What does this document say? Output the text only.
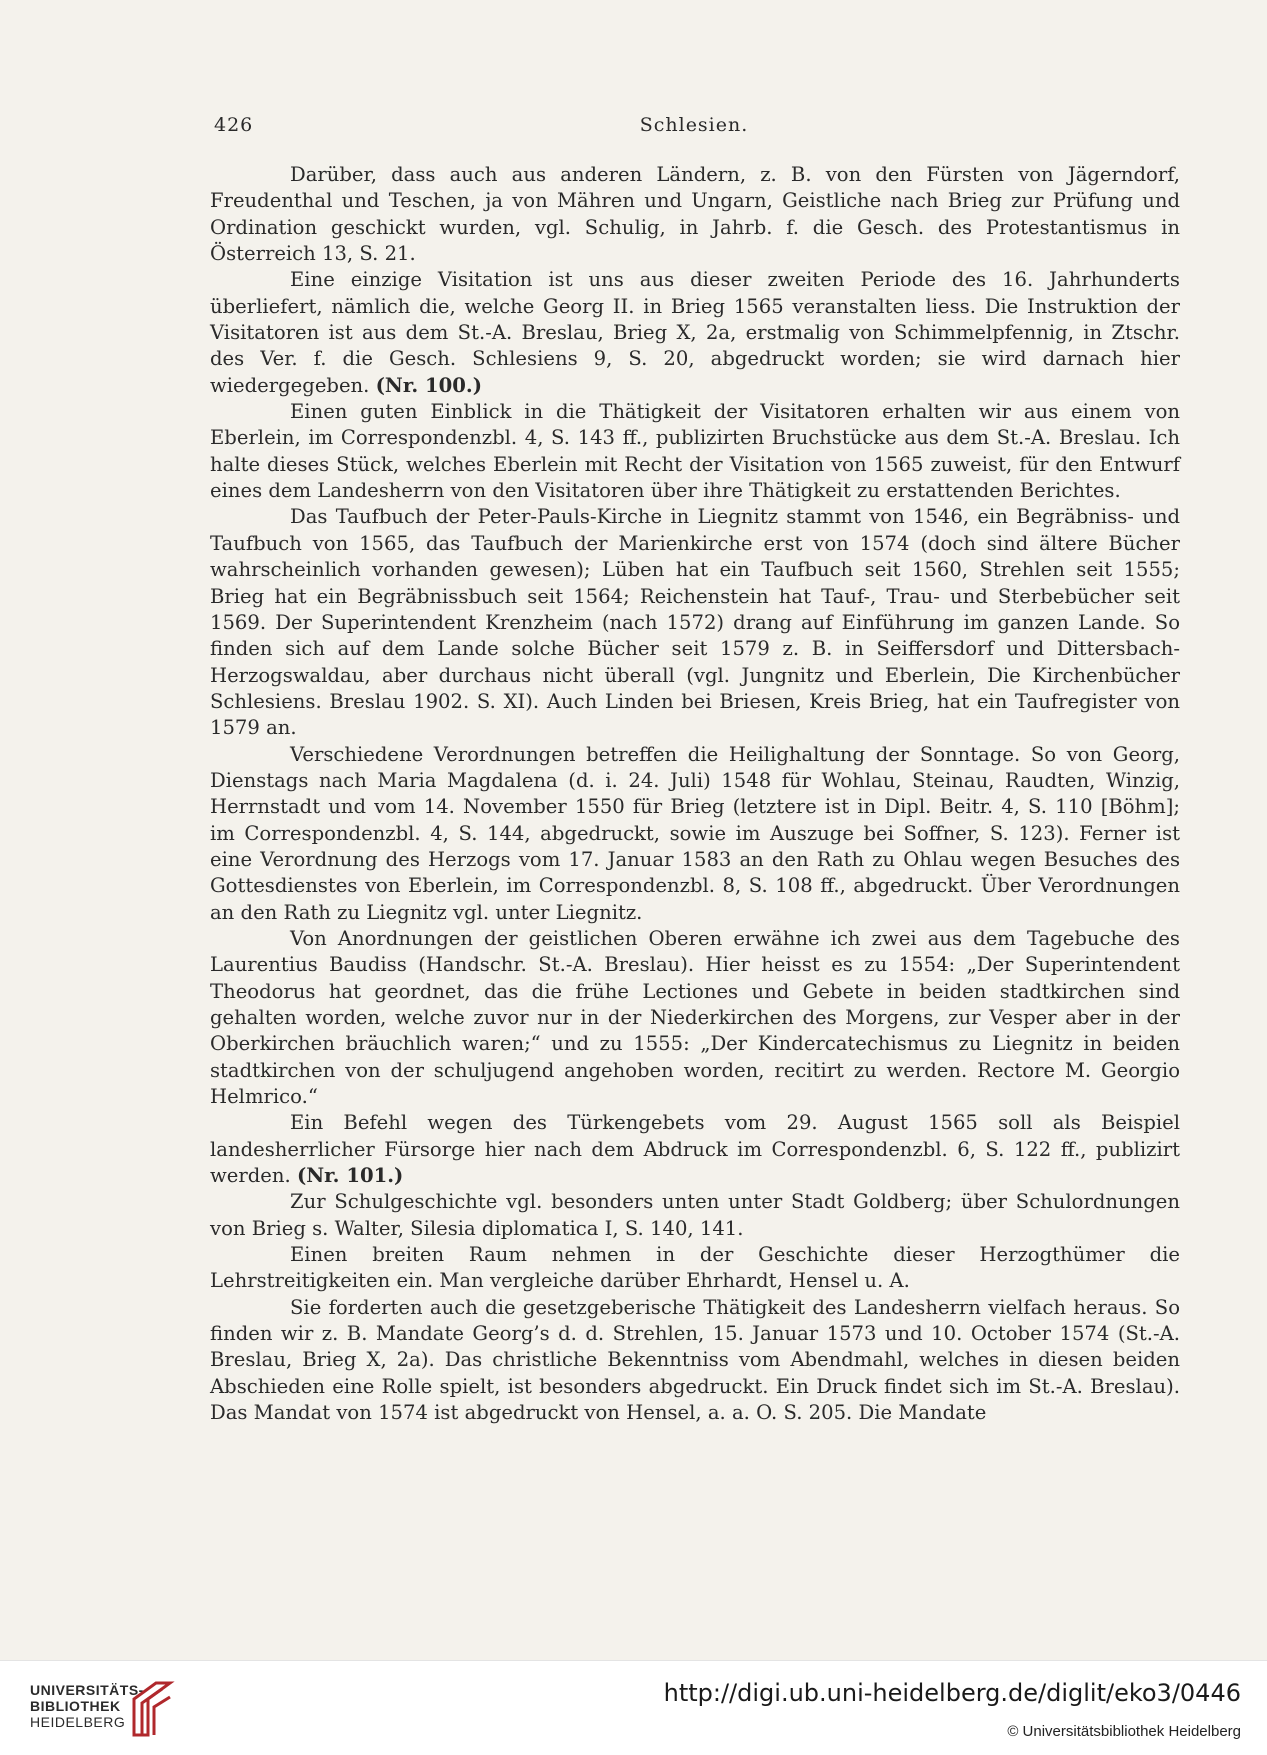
426	Schlesien.

Darüber, dass auch aus anderen Ländern, z. B. von den Fürsten von Jägerndorf, Freudenthal und Teschen, ja von Mähren und Ungarn, Geistliche nach Brieg zur Prüfung und Ordination geschickt wurden, vgl. Schulig, in Jahrb. f. die Gesch. des Protestantismus in Österreich 13, S. 21.

Eine einzige Visitation ist uns aus dieser zweiten Periode des 16. Jahrhunderts überliefert, nämlich die, welche Georg II. in Brieg 1565 veranstalten liess. Die Instruktion der Visitatoren ist aus dem St.-A. Breslau, Brieg X, 2a, erstmalig von Schimmelpfennig, in Ztschr. des Ver. f. die Gesch. Schlesiens 9, S. 20, abgedruckt worden; sie wird darnach hier wiedergegeben. (Nr. 100.)

Einen guten Einblick in die Thätigkeit der Visitatoren erhalten wir aus einem von Eberlein, im Correspondenzbl. 4, S. 143 ff., publizirten Bruchstücke aus dem St.-A. Breslau. Ich halte dieses Stück, welches Eberlein mit Recht der Visitation von 1565 zuweist, für den Entwurf eines dem Landesherrn von den Visitatoren über ihre Thätigkeit zu erstattenden Berichtes.

Das Taufbuch der Peter-Pauls-Kirche in Liegnitz stammt von 1546, ein Begräbniss- und Taufbuch von 1565, das Taufbuch der Marienkirche erst von 1574 (doch sind ältere Bücher wahrscheinlich vorhanden gewesen); Lüben hat ein Taufbuch seit 1560, Strehlen seit 1555; Brieg hat ein Begräbnissbuch seit 1564; Reichenstein hat Tauf-, Trau- und Sterbebücher seit 1569. Der Superintendent Krenzheim (nach 1572) drang auf Einführung im ganzen Lande. So finden sich auf dem Lande solche Bücher seit 1579 z. B. in Seiffersdorf und Dittersbach-Herzogswaldau, aber durchaus nicht überall (vgl. Jungnitz und Eberlein, Die Kirchenbücher Schlesiens. Breslau 1902. S. XI). Auch Linden bei Briesen, Kreis Brieg, hat ein Taufregister von 1579 an.

Verschiedene Verordnungen betreffen die Heilighaltung der Sonntage. So von Georg, Dienstags nach Maria Magdalena (d. i. 24. Juli) 1548 für Wohlau, Steinau, Raudten, Winzig, Herrnstadt und vom 14. November 1550 für Brieg (letztere ist in Dipl. Beitr. 4, S. 110 [Böhm]; im Correspondenzbl. 4, S. 144, abgedruckt, sowie im Auszuge bei Soffner, S. 123). Ferner ist eine Verordnung des Herzogs vom 17. Januar 1583 an den Rath zu Ohlau wegen Besuches des Gottesdienstes von Eberlein, im Correspondenzbl. 8, S. 108 ff., abgedruckt. Über Verordnungen an den Rath zu Liegnitz vgl. unter Liegnitz.

Von Anordnungen der geistlichen Oberen erwähne ich zwei aus dem Tagebuche des Laurentius Baudiss (Handschr. St.-A. Breslau). Hier heisst es zu 1554: „Der Superintendent Theodorus hat geordnet, das die frühe Lectiones und Gebete in beiden stadtkirchen sind gehalten worden, welche zuvor nur in der Niederkirchen des Morgens, zur Vesper aber in der Oberkirchen bräuchlich waren;“ und zu 1555: „Der Kindercatechismus zu Liegnitz in beiden stadtkirchen von der schuljugend angehoben worden, recitirt zu werden. Rectore M. Georgio Helmrico.“

Ein Befehl wegen des Türkengebets vom 29. August 1565 soll als Beispiel landesherrlicher Fürsorge hier nach dem Abdruck im Correspondenzbl. 6, S. 122 ff., publizirt werden. (Nr. 101.)

Zur Schulgeschichte vgl. besonders unten unter Stadt Goldberg; über Schulordnungen von Brieg s. Walter, Silesia diplomatica I, S. 140, 141.

Einen breiten Raum nehmen in der Geschichte dieser Herzogthümer die Lehrstreitigkeiten ein. Man vergleiche darüber Ehrhardt, Hensel u. A.

Sie forderten auch die gesetzgeberische Thätigkeit des Landesherrn vielfach heraus. So finden wir z. B. Mandate Georg’s d. d. Strehlen, 15. Januar 1573 und 10. October 1574 (St.-A. Breslau, Brieg X, 2a). Das christliche Bekenntniss vom Abendmahl, welches in diesen beiden Abschieden eine Rolle spielt, ist besonders abgedruckt. Ein Druck findet sich im St.-A. Breslau). Das Mandat von 1574 ist abgedruckt von Hensel, a. a. O. S. 205. Die Mandate

UNIVERSITÄTS-
BIBLIOTHEK
HEIDELBERG
http://digi.ub.uni-heidelberg.de/diglit/eko3/0446
© Universitätsbibliothek Heidelberg
